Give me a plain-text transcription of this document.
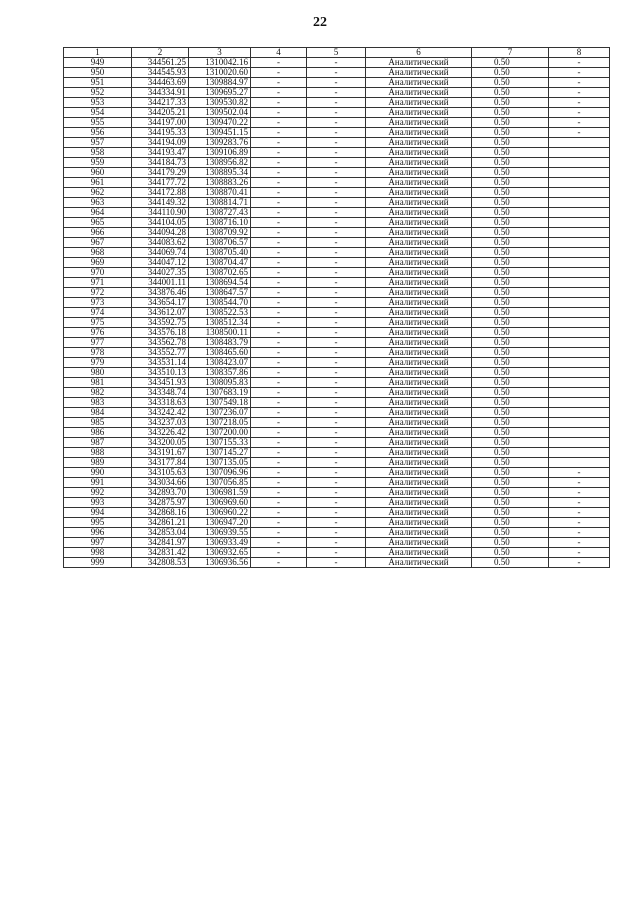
22
1	2	3	4	5	6	7	8
949	344561.25	1310042.16	-	-	Аналитический	0.50	-
950	344545.93	1310020.60	-	-	Аналитический	0.50	-
951	344463.69	1309884.97	-	-	Аналитический	0.50	-
952	344334.91	1309695.27	-	-	Аналитический	0.50	-
953	344217.33	1309530.82	-	-	Аналитический	0.50	-
954	344205.21	1309502.04	-	-	Аналитический	0.50	-
955	344197.00	1309470.22	-	-	Аналитический	0.50	-
956	344195.33	1309451.15	-	-	Аналитический	0.50	-
957	344194.09	1309283.76	-	-	Аналитический	0.50	
958	344193.47	1309106.89	-	-	Аналитический	0.50	
959	344184.73	1308956.82	-	-	Аналитический	0.50	
960	344179.29	1308895.34	-	-	Аналитический	0.50	
961	344177.72	1308883.26	-	-	Аналитический	0.50	
962	344172.88	1308870.41	-	-	Аналитический	0.50	
963	344149.32	1308814.71	-	-	Аналитический	0.50	
964	344110.90	1308727.43	-	-	Аналитический	0.50	
965	344104.05	1308716.10	-	-	Аналитический	0.50	
966	344094.28	1308709.92	-	-	Аналитический	0.50	
967	344083.62	1308706.57	-	-	Аналитический	0.50	
968	344069.74	1308705.40	-	-	Аналитический	0.50	
969	344047.12	1308704.47	-	-	Аналитический	0.50	
970	344027.35	1308702.65	-	-	Аналитический	0.50	
971	344001.11	1308694.54	-	-	Аналитический	0.50	
972	343876.46	1308647.57	-	-	Аналитический	0.50	
973	343654.17	1308544.70	-	-	Аналитический	0.50	
974	343612.07	1308522.53	-	-	Аналитический	0.50	
975	343592.75	1308512.34	-	-	Аналитический	0.50	
976	343576.18	1308500.11	-	-	Аналитический	0.50	
977	343562.78	1308483.79	-	-	Аналитический	0.50	
978	343552.77	1308465.60	-	-	Аналитический	0.50	
979	343531.14	1308423.07	-	-	Аналитический	0.50	
980	343510.13	1308357.86	-	-	Аналитический	0.50	
981	343451.93	1308095.83	-	-	Аналитический	0.50	
982	343348.74	1307683.19	-	-	Аналитический	0.50	
983	343318.63	1307549.18	-	-	Аналитический	0.50	
984	343242.42	1307236.07	-	-	Аналитический	0.50	
985	343237.03	1307218.05	-	-	Аналитический	0.50	
986	343226.42	1307200.00	-	-	Аналитический	0.50	
987	343200.05	1307155.33	-	-	Аналитический	0.50	
988	343191.67	1307145.27	-	-	Аналитический	0.50	
989	343177.84	1307135.05	-	-	Аналитический	0.50	
990	343105.63	1307096.96	-	-	Аналитический	0.50	-
991	343034.66	1307056.85	-	-	Аналитический	0.50	-
992	342893.70	1306981.59	-	-	Аналитический	0.50	-
993	342875.97	1306969.60	-	-	Аналитический	0.50	-
994	342868.16	1306960.22	-	-	Аналитический	0.50	-
995	342861.21	1306947.20	-	-	Аналитический	0.50	-
996	342853.04	1306939.55	-	-	Аналитический	0.50	-
997	342841.97	1306933.49	-	-	Аналитический	0.50	-
998	342831.42	1306932.65	-	-	Аналитический	0.50	-
999	342808.53	1306936.56	-	-	Аналитический	0.50	-
